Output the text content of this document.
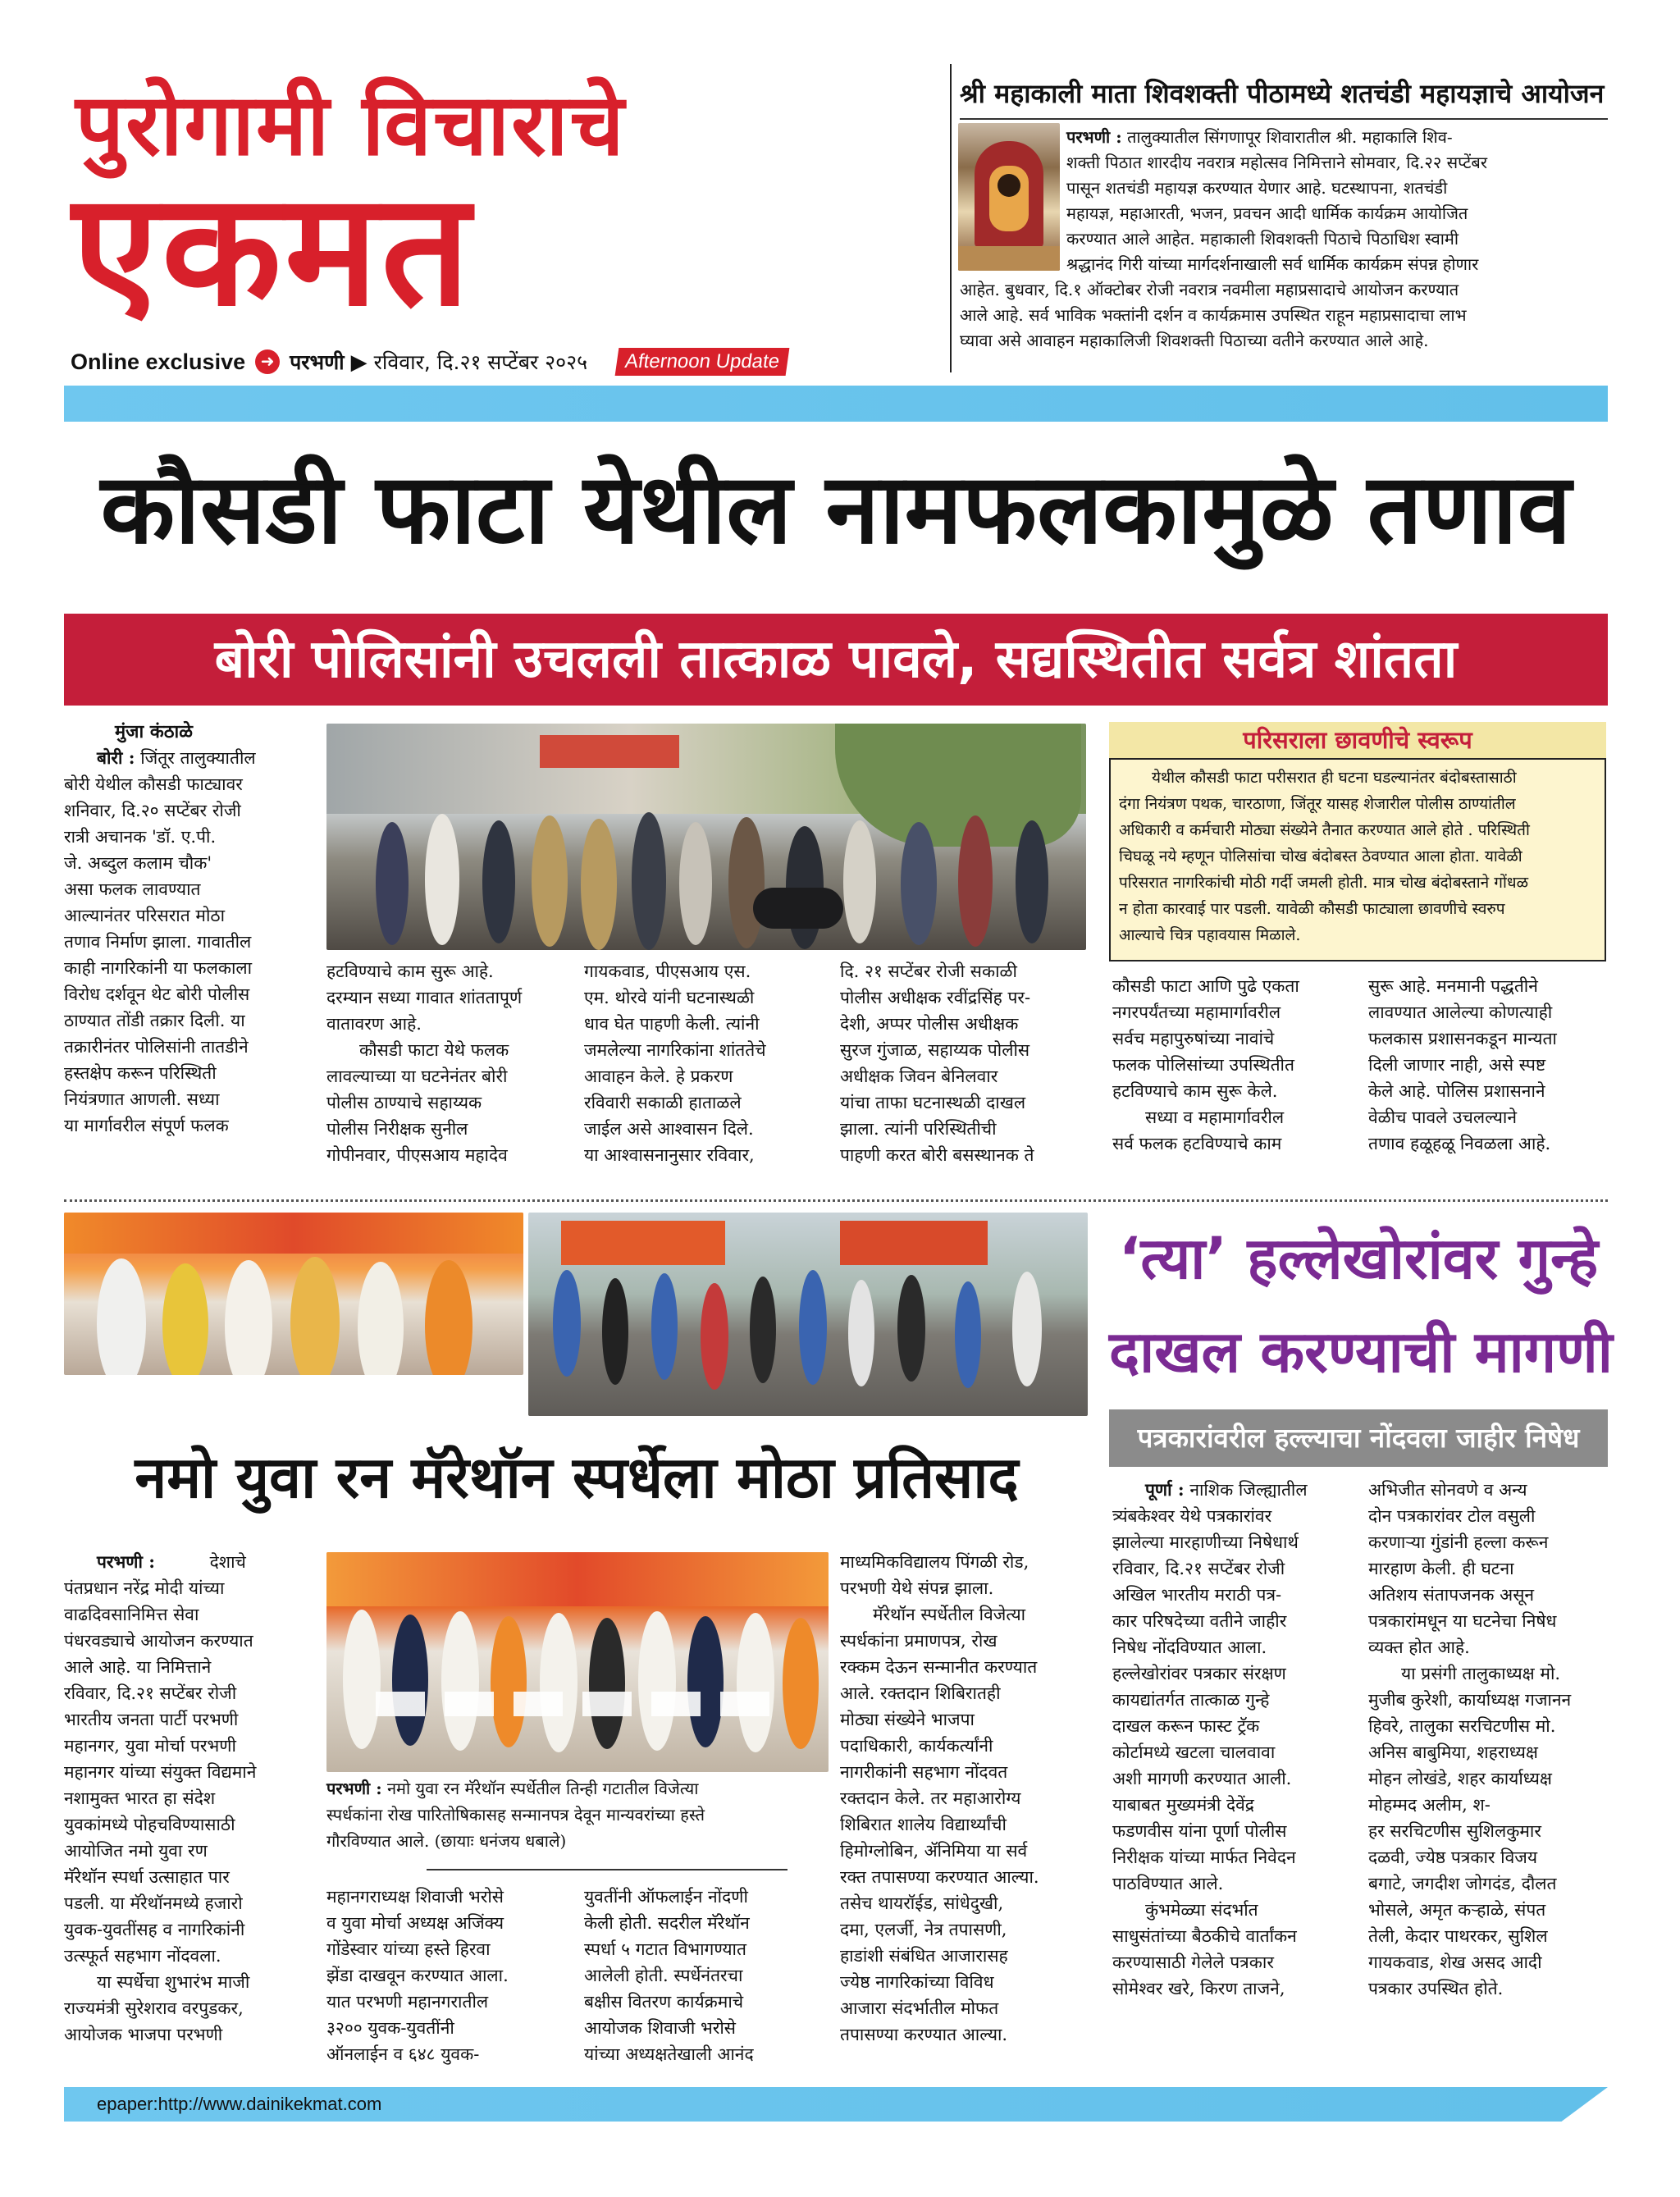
पुरोगामी विचाराचे
एकमत
Online exclusive ➜ परभणी ▶ रविवार, दि.२१ सप्टेंबर २०२५	Afternoon Update
श्री महाकाली माता शिवशक्ती पीठामध्ये शतचंडी महायज्ञाचे आयोजन
परभणी : तालुक्यातील सिंगणापूर शिवारातील श्री. महाकालि शिव-
शक्ती पिठात शारदीय नवरात्र महोत्सव निमित्ताने सोमवार, दि.२२ सप्टेंबर
पासून शतचंडी महायज्ञ करण्यात येणार आहे. घटस्थापना, शतचंडी
महायज्ञ, महाआरती, भजन, प्रवचन आदी धार्मिक कार्यक्रम आयोजित
करण्यात आले आहेत. महाकाली शिवशक्ती पिठाचे पिठाधिश स्वामी
श्रद्धानंद गिरी यांच्या मार्गदर्शनाखाली सर्व धार्मिक कार्यक्रम संपन्न होणार
आहेत. बुधवार, दि.१ ऑक्टोबर रोजी नवरात्र नवमीला महाप्रसादाचे आयोजन करण्यात
आले आहे. सर्व भाविक भक्तांनी दर्शन व कार्यक्रमास उपस्थित राहून महाप्रसादाचा लाभ
घ्यावा असे आवाहन महाकालिजी शिवशक्ती पिठाच्या वतीने करण्यात आले आहे.
कौसडी फाटा येथील नामफलकामुळे तणाव
बोरी पोलिसांनी उचलली तात्काळ पावले, सद्यस्थितीत सर्वत्र शांतता
मुंजा कंठाळे
बोरी : जिंतूर तालुक्यातील
बोरी येथील कौसडी फाट्यावर
शनिवार, दि.२० सप्टेंबर रोजी
रात्री अचानक 'डॉ. ए.पी.
जे. अब्दुल कलाम चौक'
असा फलक लावण्यात
आल्यानंतर परिसरात मोठा
तणाव निर्माण झाला. गावातील
काही नागरिकांनी या फलकाला
विरोध दर्शवून थेट बोरी पोलीस
ठाण्यात तोंडी तक्रार दिली. या
तक्रारीनंतर पोलिसांनी तातडीने
हस्तक्षेप करून परिस्थिती
नियंत्रणात आणली. सध्या
या मार्गावरील संपूर्ण फलक
हटविण्याचे काम सुरू आहे.
दरम्यान सध्या गावात शांततापूर्ण
वातावरण आहे.
कौसडी फाटा येथे फलक
लावल्याच्या या घटनेनंतर बोरी
पोलीस ठाण्याचे सहाय्यक
पोलीस निरीक्षक सुनील
गोपीनवार, पीएसआय महादेव
गायकवाड, पीएसआय एस.
एम. थोरवे यांनी घटनास्थळी
धाव घेत पाहणी केली. त्यांनी
जमलेल्या नागरिकांना शांततेचे
आवाहन केले. हे प्रकरण
रविवारी सकाळी हाताळले
जाईल असे आश्वासन दिले.
या आश्वासनानुसार रविवार,
दि. २१ सप्टेंबर रोजी सकाळी
पोलीस अधीक्षक रवींद्रसिंह पर-
देशी, अप्पर पोलीस अधीक्षक
सुरज गुंजाळ, सहाय्यक पोलीस
अधीक्षक जिवन बेनिलवार
यांचा ताफा घटनास्थळी दाखल
झाला. त्यांनी परिस्थितीची
पाहणी करत बोरी बसस्थानक ते
परिसराला छावणीचे स्वरूप
येथील कौसडी फाटा परीसरात ही घटना घडल्यानंतर बंदोबस्तासाठी
दंगा नियंत्रण पथक, चारठाणा, जिंतूर यासह शेजारील पोलीस ठाण्यांतील
अधिकारी व कर्मचारी मोठ्या संख्येने तैनात करण्यात आले होते . परिस्थिती
चिघळू नये म्हणून पोलिसांचा चोख बंदोबस्त ठेवण्यात आला होता. यावेळी
परिसरात नागरिकांची मोठी गर्दी जमली होती. मात्र चोख बंदोबस्ताने गोंधळ
न होता कारवाई पार पडली. यावेळी कौसडी फाट्याला छावणीचे स्वरुप
आल्याचे चित्र पहावयास मिळाले.
कौसडी फाटा आणि पुढे एकता
नगरपर्यंतच्या महामार्गावरील
सर्वच महापुरुषांच्या नावांचे
फलक पोलिसांच्या उपस्थितीत
हटविण्याचे काम सुरू केले.
सध्या व महामार्गावरील
सर्व फलक हटविण्याचे काम
सुरू आहे. मनमानी पद्धतीने
लावण्यात आलेल्या कोणत्याही
फलकास प्रशासनकडून मान्यता
दिली जाणार नाही, असे स्पष्ट
केले आहे. पोलिस प्रशासनाने
वेळीच पावले उचलल्याने
तणाव हळूहळू निवळला आहे.
नमो युवा रन मॅरेथॉन स्पर्धेला मोठा प्रतिसाद
परभणी :	देशाचे
पंतप्रधान नरेंद्र मोदी यांच्या
वाढदिवसानिमित्त सेवा
पंधरवड्याचे आयोजन करण्यात
आले आहे. या निमित्ताने
रविवार, दि.२१ सप्टेंबर रोजी
भारतीय जनता पार्टी परभणी
महानगर, युवा मोर्चा परभणी
महानगर यांच्या संयुक्त विद्यमाने
नशामुक्त भारत हा संदेश
युवकांमध्ये पोहचविण्यासाठी
आयोजित नमो युवा रण
मॅरेथॉन स्पर्धा उत्साहात पार
पडली. या मॅरेथॉनमध्ये हजारो
युवक-युवतींसह व नागरिकांनी
उत्स्फूर्त सहभाग नोंदवला.
या स्पर्धेचा शुभारंभ माजी
राज्यमंत्री सुरेशराव वरपुडकर,
आयोजक भाजपा परभणी
परभणी : नमो युवा रन मॅरेथॉन स्पर्धेतील तिन्ही गटातील विजेत्या
स्पर्धकांना रोख पारितोषिकासह सन्मानपत्र देवून मान्यवरांच्या हस्ते
गौरविण्यात आले. (छायाः धनंजय धबाले)
महानगराध्यक्ष शिवाजी भरोसे
व युवा मोर्चा अध्यक्ष अजिंक्य
गोंडेस्वार यांच्या हस्ते हिरवा
झेंडा दाखवून करण्यात आला.
यात परभणी महानगरातील
३२०० युवक-युवतींनी
ऑनलाईन व ६४८ युवक-
युवतींनी ऑफलाईन नोंदणी
केली होती. सदरील मॅरेथॉन
स्पर्धा ५ गटात विभागण्यात
आलेली होती. स्पर्धेनंतरचा
बक्षीस वितरण कार्यक्रमाचे
आयोजक शिवाजी भरोसे
यांच्या अध्यक्षतेखाली आनंद
माध्यमिकविद्यालय पिंगळी रोड,
परभणी येथे संपन्न झाला.
मॅरेथॉन स्पर्धेतील विजेत्या
स्पर्धकांना प्रमाणपत्र, रोख
रक्कम देऊन सन्मानीत करण्यात
आले. रक्तदान शिबिरातही
मोठ्या संख्येने भाजपा
पदाधिकारी, कार्यकर्त्यांनी
नागरीकांनी सहभाग नोंदवत
रक्तदान केले. तर महाआरोग्य
शिबिरात शालेय विद्यार्थ्यांची
हिमोग्लोबिन, ॲनिमिया या सर्व
रक्त तपासण्या करण्यात आल्या.
तसेच थायरॉईड, सांधेदुखी,
दमा, एलर्जी, नेत्र तपासणी,
हाडांशी संबंधित आजारासह
ज्येष्ठ नागरिकांच्या विविध
आजारा संदर्भातील मोफत
तपासण्या करण्यात आल्या.
‘त्या’ हल्लेखोरांवर गुन्हे
दाखल करण्याची मागणी
पत्रकारांवरील हल्ल्याचा नोंदवला जाहीर निषेध
पूर्णा : नाशिक जिल्ह्यातील
त्र्यंबकेश्वर येथे पत्रकारांवर
झालेल्या मारहाणीच्या निषेधार्थ
रविवार, दि.२१ सप्टेंबर रोजी
अखिल भारतीय मराठी पत्र-
कार परिषदेच्या वतीने जाहीर
निषेध नोंदविण्यात आला.
हल्लेखोरांवर पत्रकार संरक्षण
कायद्यांतर्गत तात्काळ गुन्हे
दाखल करून फास्ट ट्रॅक
कोर्टामध्ये खटला चालवावा
अशी मागणी करण्यात आली.
याबाबत मुख्यमंत्री देवेंद्र
फडणवीस यांना पूर्णा पोलीस
निरीक्षक यांच्या मार्फत निवेदन
पाठविण्यात आले.
कुंभमेळ्या संदर्भात
साधुसंतांच्या बैठकीचे वार्तांकन
करण्यासाठी गेलेले पत्रकार
सोमेश्वर खरे, किरण ताजने,
अभिजीत सोनवणे व अन्य
दोन पत्रकारांवर टोल वसुली
करणाऱ्या गुंडांनी हल्ला करून
मारहाण केली. ही घटना
अतिशय संतापजनक असून
पत्रकारांमधून या घटनेचा निषेध
व्यक्त होत आहे.
या प्रसंगी तालुकाध्यक्ष मो.
मुजीब कुरेशी, कार्याध्यक्ष गजानन
हिवरे, तालुका सरचिटणीस मो.
अनिस बाबुमिया, शहराध्यक्ष
मोहन लोखंडे, शहर कार्याध्यक्ष
मोहम्मद अलीम, श-
हर सरचिटणीस सुशिलकुमार
दळवी, ज्येष्ठ पत्रकार विजय
बगाटे, जगदीश जोगदंड, दौलत
भोसले, अमृत कऱ्हाळे, संपत
तेली, केदार पाथरकर, सुशिल
गायकवाड, शेख असद आदी
पत्रकार उपस्थित होते.
epaper:http://www.dainikekmat.com
